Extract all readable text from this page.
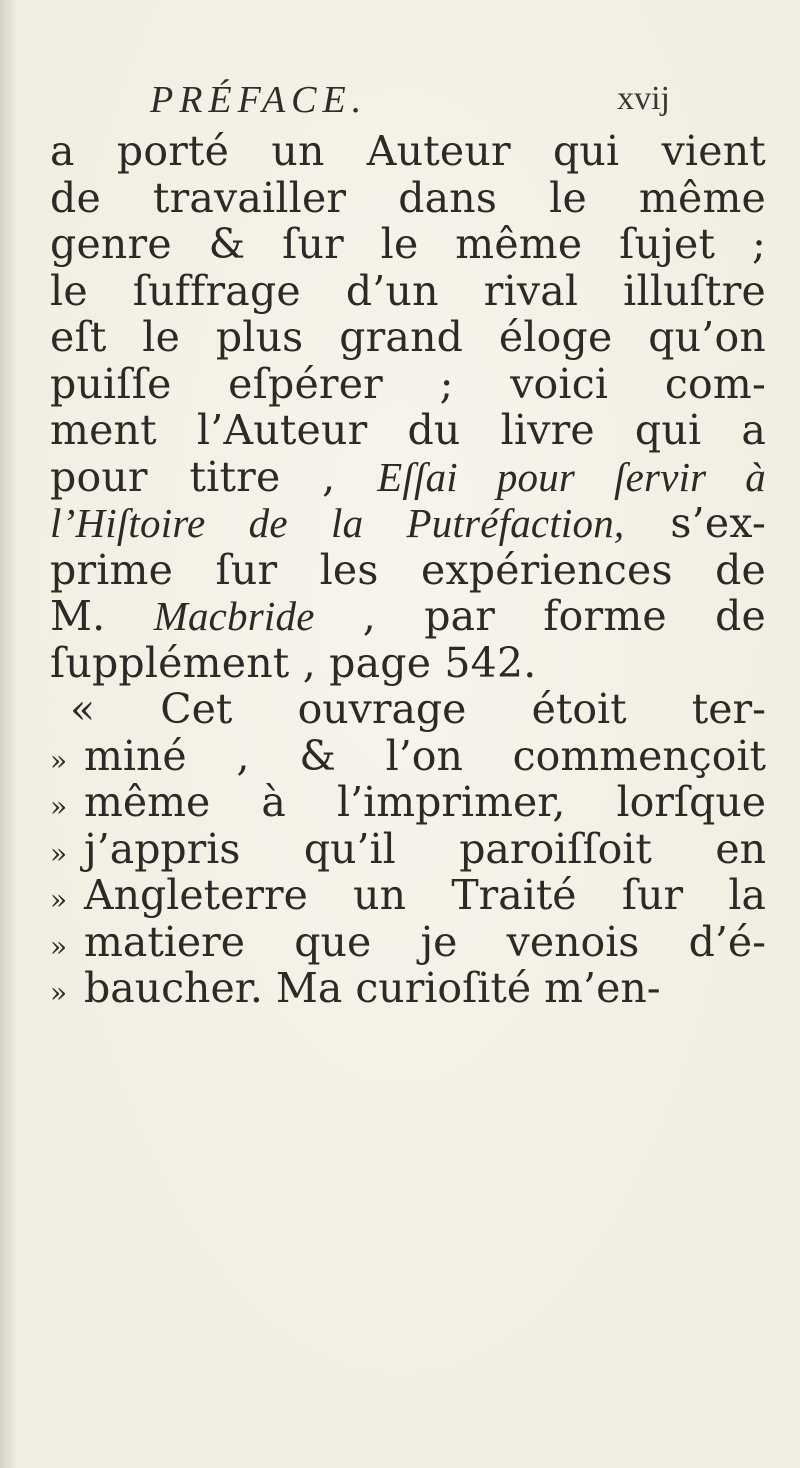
PRÉFACE.	xvij
a porté un Auteur qui vient
de travailler dans le même
genre & ſur le même ſujet ;
le ſuffrage d’un rival illuſtre
eſt le plus grand éloge qu’on
puiſſe eſpérer ; voici com-
ment l’Auteur du livre qui a
pour titre , Eſſai pour ſervir à
l’Hiſtoire de la Putréfaction, s’ex-
prime ſur les expériences de
M. Macbride , par forme de
ſupplément , page 542.
« Cet ouvrage étoit ter-
» miné , & l’on commençoit
» même à l’imprimer, lorſque
» j’appris qu’il paroiſſoit en
» Angleterre un Traité ſur la
» matiere que je venois d’é-
» baucher. Ma curioſité m’en-
